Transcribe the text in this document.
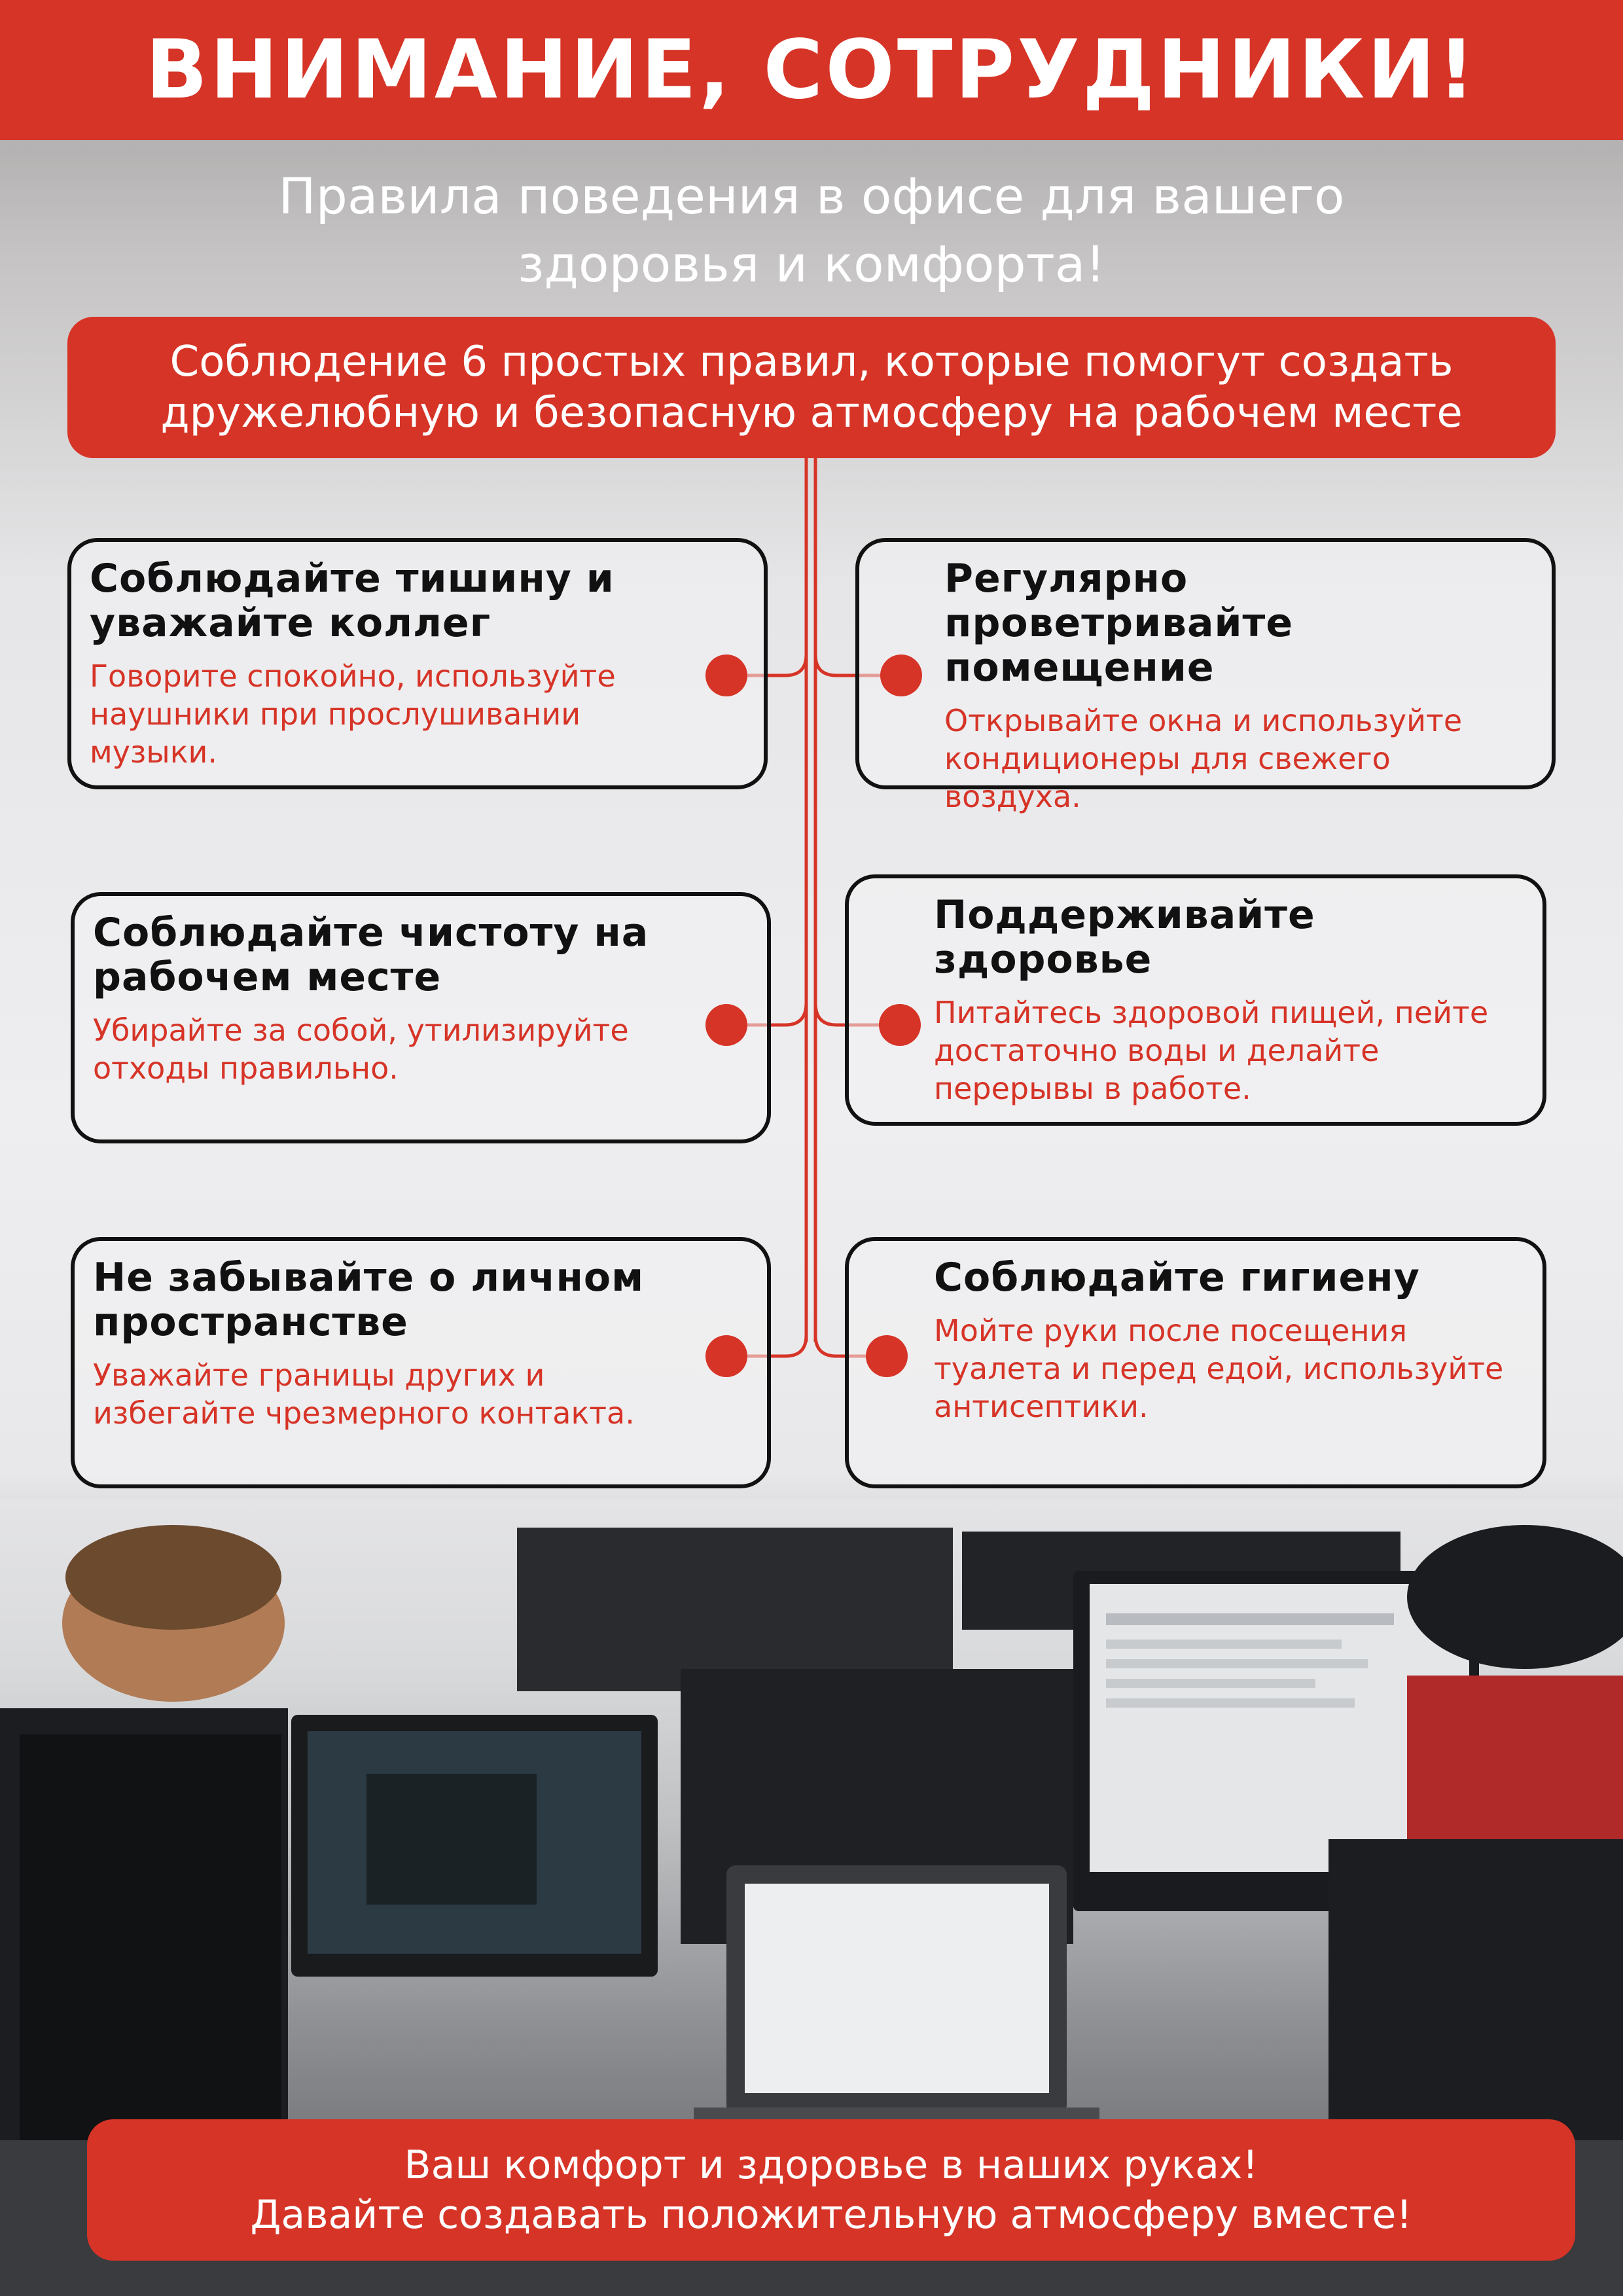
ВНИМАНИЕ, СОТРУДНИКИ!
Правила поведения в офисе для вашего
здоровья и комфорта!
Соблюдение 6 простых правил, которые помогут создать
дружелюбную и безопасную атмосферу на рабочем месте
Соблюдайте тишину и уважайте коллег
Говорите спокойно, используйте наушники при прослушивании музыки.
Регулярно проветривайте помещение
Открывайте окна и используйте кондиционеры для свежего воздуха.
Соблюдайте чистоту на рабочем месте
Убирайте за собой, утилизируйте отходы правильно.
Поддерживайте здоровье
Питайтесь здоровой пищей, пейте достаточно воды и делайте перерывы в работе.
Не забывайте о личном пространстве
Уважайте границы других и избегайте чрезмерного контакта.
Соблюдайте гигиену
Мойте руки после посещения туалета и перед едой, используйте антисептики.
Ваш комфорт и здоровье в наших руках!
Давайте создавать положительную атмосферу вместе!
